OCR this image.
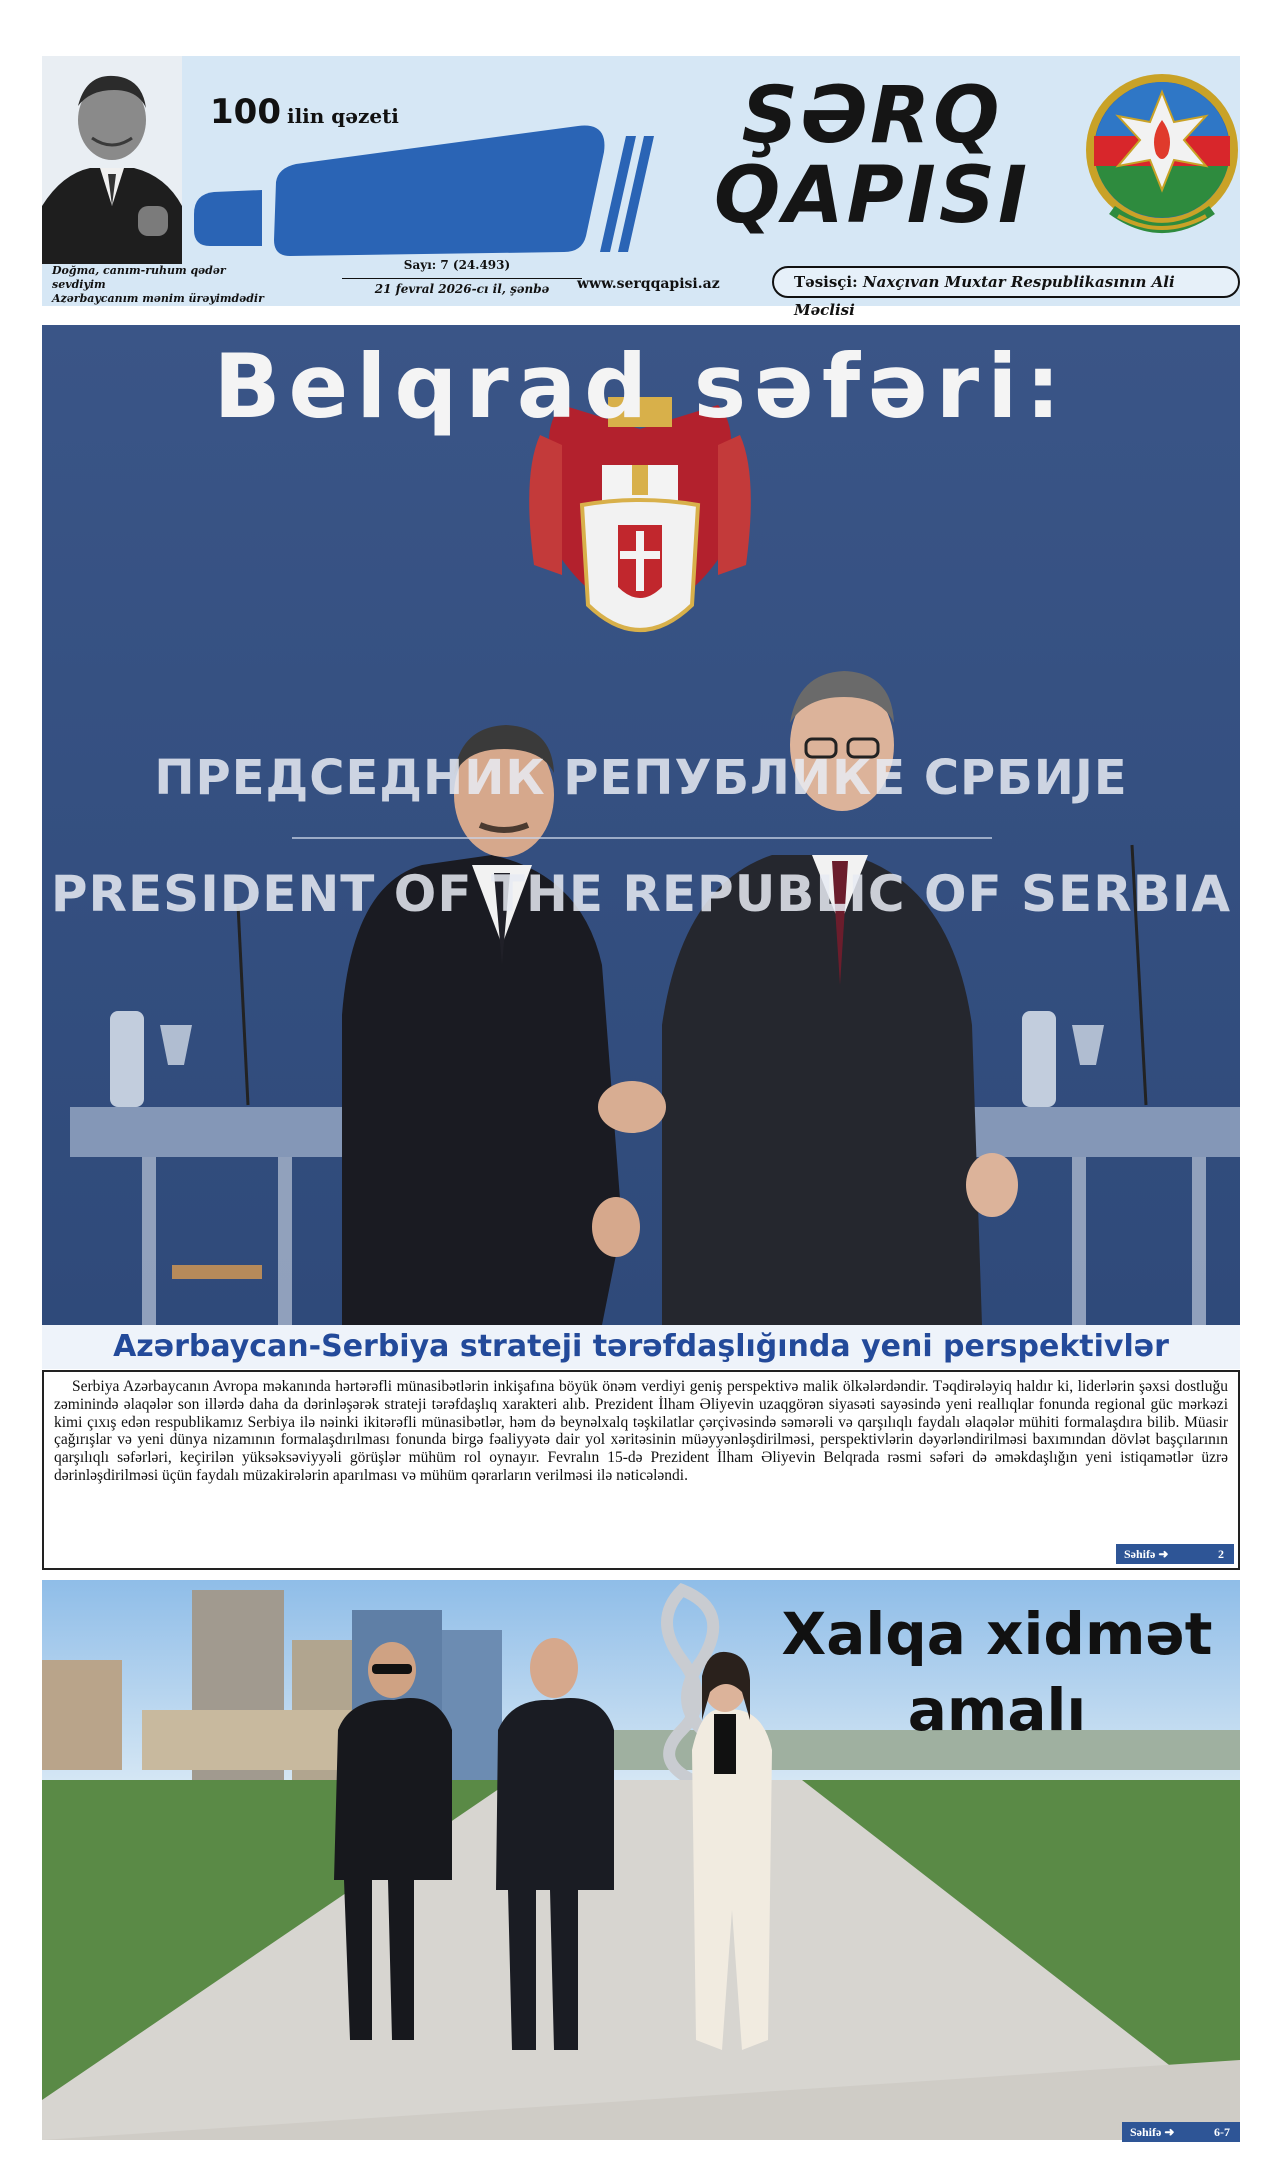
Doğma, canım-ruhum qədər sevdiyim
Azərbaycanım mənim ürəyimdədir
100 ilin qəzeti	ŞƏRQ
QAPISI
Sayı: 7 (24.493)
21 fevral 2026-cı il, şənbə	www.serqqapisi.az	Təsisçi: Naxçıvan Muxtar Respublikasının Ali Məclisi
Belqrad səfəri:
ПРЕДСЕДНИК РЕПУБЛИКЕ СРБИЈЕ
PRESIDENT OF THE REPUBLIC OF SERBIA
Azərbaycan-Serbiya strateji tərəfdaşlığında yeni perspektivlər

Serbiya Azərbaycanın Avropa məkanında hərtərəfli münasibətlərin inkişafına böyük önəm verdiyi geniş perspektivə malik ölkələrdəndir. Təqdirələyiq haldır ki, liderlərin şəxsi dostluğu zəminində əlaqələr son illərdə daha da dərinləşərək strateji tərəfdaşlıq xarakteri alıb. Prezident İlham Əliyevin uzaqgörən siyasəti sayəsində yeni reallıqlar fonunda regional güc mərkəzi kimi çıxış edən respublikamız Serbiya ilə nəinki ikitərəfli münasibətlər, həm də beynəlxalq təşkilatlar çərçivəsində səmərəli və qarşılıqlı faydalı əlaqələr mühiti formalaşdıra bilib. Müasir çağırışlar və yeni dünya nizamının formalaşdırılması fonunda birgə fəaliyyətə dair yol xəritəsinin müəyyənləşdirilməsi, perspektivlərin dəyərləndirilməsi baxımından dövlət başçılarının qarşılıqlı səfərləri, keçirilən yüksəksəviyyəli görüşlər mühüm rol oynayır. Fevralın 15-də Prezident İlham Əliyevin Belqrada rəsmi səfəri də əməkdaşlığın yeni istiqamətlər üzrə dərinləşdirilməsi üçün faydalı müzakirələrin aparılması və mühüm qərarların verilməsi ilə nəticələndi.

Səhifə ➜	2
Xalqa xidmət
amalı
Səhifə ➜	6-7
